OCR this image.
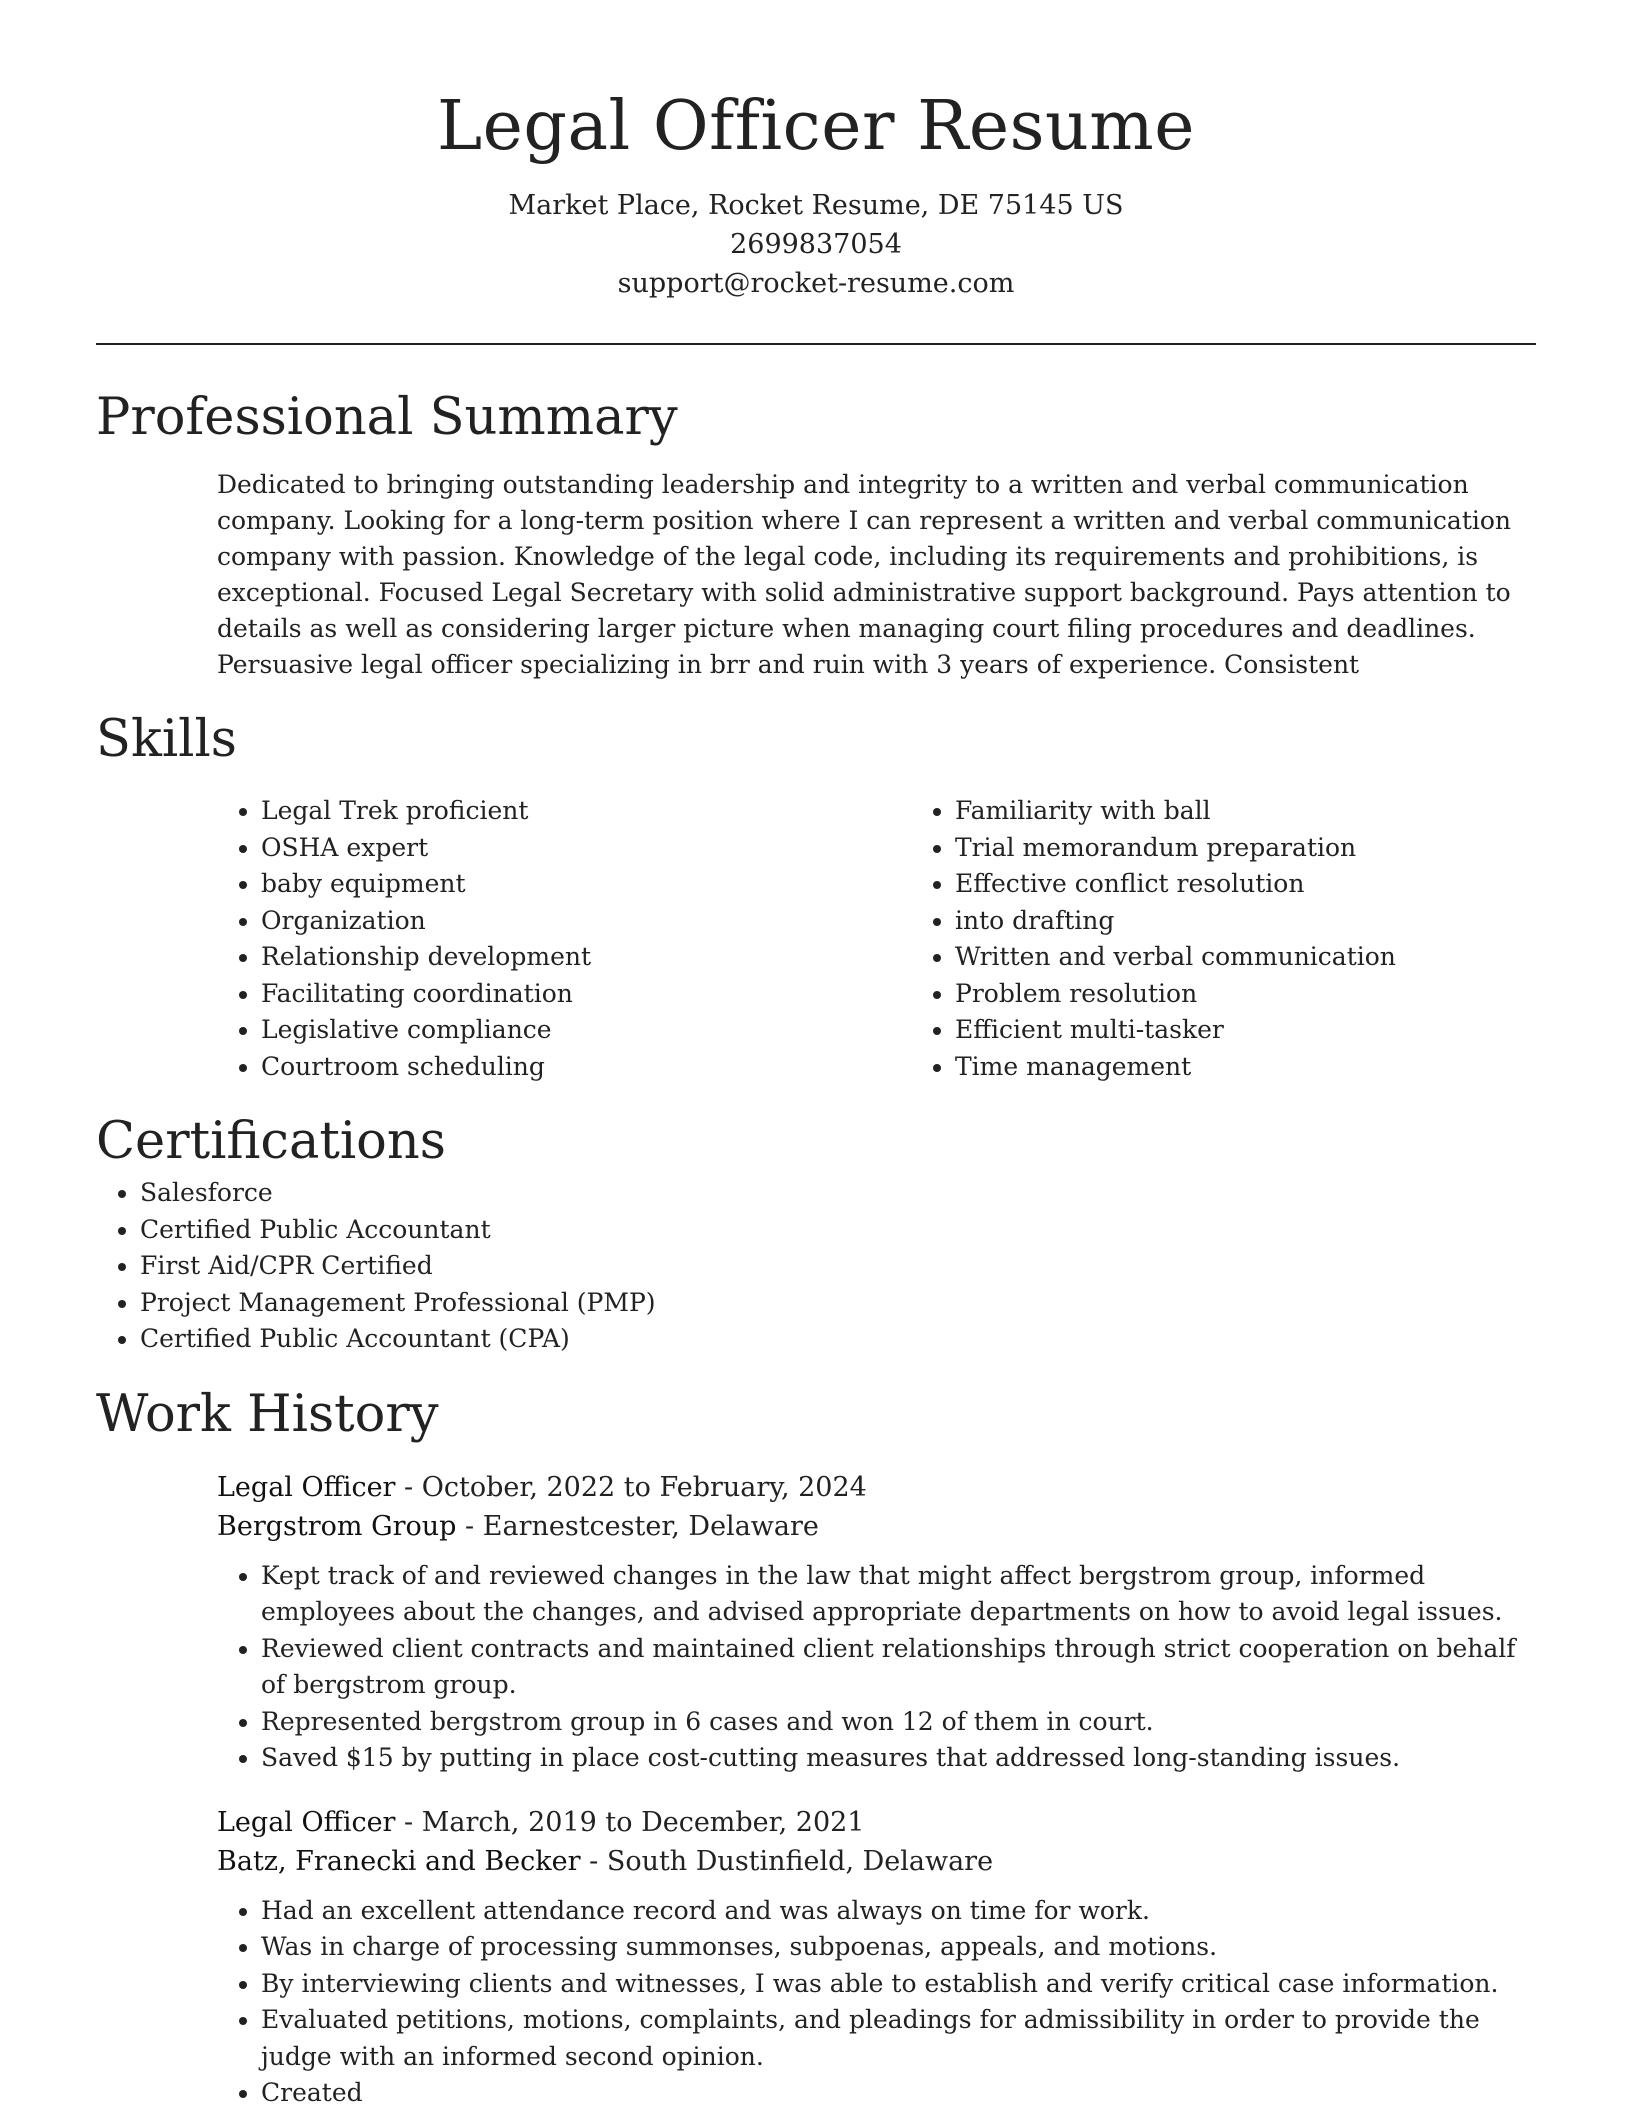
Legal Officer Resume
Market Place, Rocket Resume, DE 75145 US
2699837054
support@rocket-resume.com
Professional Summary

Dedicated to bringing outstanding leadership and integrity to a written and verbal communication company. Looking for a long-term position where I can represent a written and verbal communication company with passion. Knowledge of the legal code, including its requirements and prohibitions, is exceptional. Focused Legal Secretary with solid administrative support background. Pays attention to details as well as considering larger picture when managing court filing procedures and deadlines. Persuasive legal officer specializing in brr and ruin with 3 years of experience. Consistent

Skills
• Legal Trek proficient
• OSHA expert
• baby equipment
• Organization
• Relationship development
• Facilitating coordination
• Legislative compliance
• Courtroom scheduling
• Familiarity with ball
• Trial memorandum preparation
• Effective conflict resolution
• into drafting
• Written and verbal communication
• Problem resolution
• Efficient multi-tasker
• Time management
Certifications
• Salesforce
• Certified Public Accountant
• First Aid/CPR Certified
• Project Management Professional (PMP)
• Certified Public Accountant (CPA)
Work History
Legal Officer - October, 2022 to February, 2024
Bergstrom Group - Earnestcester, Delaware
• Kept track of and reviewed changes in the law that might affect bergstrom group, informed employees about the changes, and advised appropriate departments on how to avoid legal issues.
• Reviewed client contracts and maintained client relationships through strict cooperation on behalf of bergstrom group.
• Represented bergstrom group in 6 cases and won 12 of them in court.
• Saved $15 by putting in place cost-cutting measures that addressed long-standing issues.
Legal Officer - March, 2019 to December, 2021
Batz, Franecki and Becker - South Dustinfield, Delaware
• Had an excellent attendance record and was always on time for work.
• Was in charge of processing summonses, subpoenas, appeals, and motions.
• By interviewing clients and witnesses, I was able to establish and verify critical case information.
• Evaluated petitions, motions, complaints, and pleadings for admissibility in order to provide the judge with an informed second opinion.
• Created
